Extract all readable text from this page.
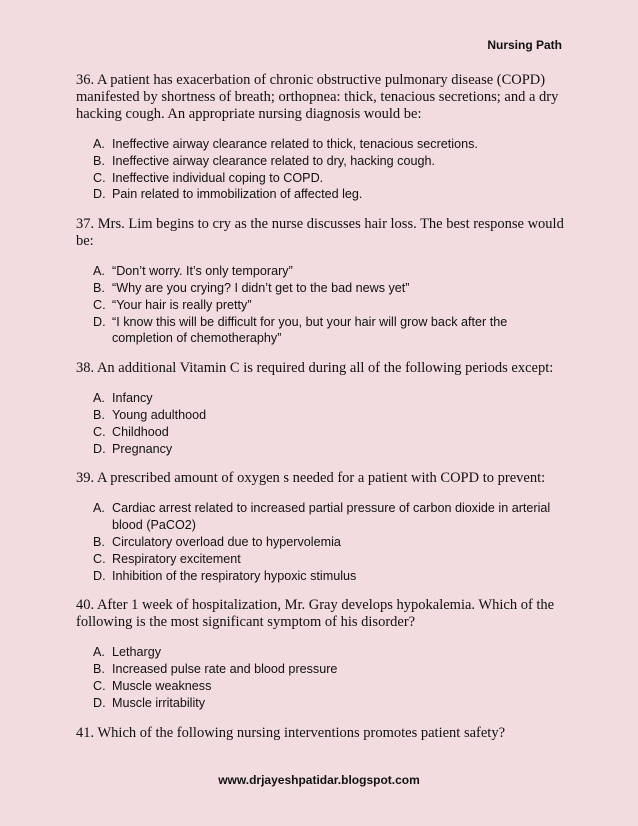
Nursing Path

36. A patient has exacerbation of chronic obstructive pulmonary disease (COPD) manifested by shortness of breath; orthopnea: thick, tenacious secretions; and a dry hacking cough. An appropriate nursing diagnosis would be:

A. Ineffective airway clearance related to thick, tenacious secretions.
B. Ineffective airway clearance related to dry, hacking cough.
C. Ineffective individual coping to COPD.
D. Pain related to immobilization of affected leg.

37. Mrs. Lim begins to cry as the nurse discusses hair loss. The best response would be:

A. “Don’t worry. It’s only temporary”
B. “Why are you crying? I didn’t get to the bad news yet”
C. “Your hair is really pretty”
D. “I know this will be difficult for you, but your hair will grow back after the completion of chemotheraphy”

38. An additional Vitamin C is required during all of the following periods except:

A. Infancy
B. Young adulthood
C. Childhood
D. Pregnancy

39. A prescribed amount of oxygen s needed for a patient with COPD to prevent:

A. Cardiac arrest related to increased partial pressure of carbon dioxide in arterial blood (PaCO2)
B. Circulatory overload due to hypervolemia
C. Respiratory excitement
D. Inhibition of the respiratory hypoxic stimulus

40. After 1 week of hospitalization, Mr. Gray develops hypokalemia. Which of the following is the most significant symptom of his disorder?

A. Lethargy
B. Increased pulse rate and blood pressure
C. Muscle weakness
D. Muscle irritability

41. Which of the following nursing interventions promotes patient safety?

www.drjayeshpatidar.blogspot.com
